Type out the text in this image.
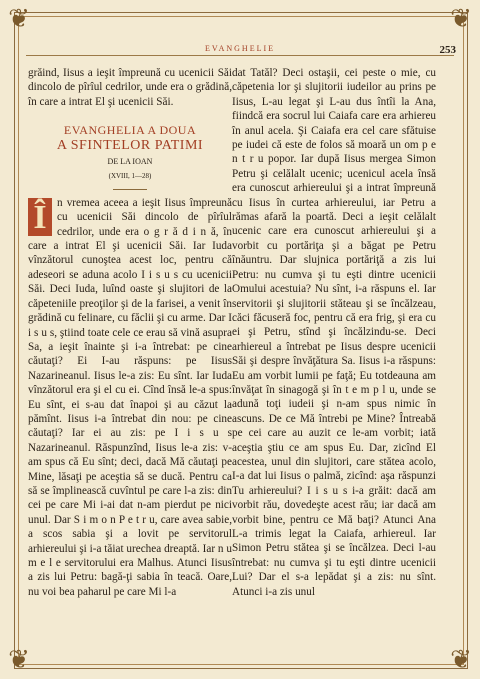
❦	❦
❦	❦
EVANGHELIE	253

grăind, Iisus a ieşit împreună cu ucenicii Săi dincolo de pîrîul cedrilor, unde era o grădină, în care a intrat El şi ucenicii Săi.

EVANGHELIA A DOUA
A SFINTELOR PATIMI
DE LA IOAN
(XVIII, 1—28)

Î n vremea aceea a ieşit Iisus împreună cu ucenicii Săi dincolo de pîrîul cedrilor, unde era o g r ă d i n ă, în care a intrat El şi ucenicii Săi. Iar Iuda vînzătorul cunoştea acest loc, pentru că adeseori se aduna acolo I i s u s cu ucenicii Săi. Deci Iuda, luînd oaste şi slujitori de la căpeteniile preoţilor şi de la farisei, a venit în grădină cu felinare, cu făclii şi cu arme. Dar I i s u s, ştiind toate cele ce erau să vină asupra Sa, a ieşit înainte şi i-a întrebat: pe cine căutaţi? Ei I-au răspuns: pe Iisus Nazarineanul. Iisus le-a zis: Eu sînt. Iar Iuda vînzătorul era şi el cu ei. Cînd însă le-a spus: Eu sînt, ei s-au dat înapoi şi au căzut la pămînt. Iisus i-a întrebat din nou: pe cine căutaţi? Iar ei au zis: pe I i s u s Nazarineanul. Răspunzînd, Iisus le-a zis: v-am spus că Eu sînt; deci, dacă Mă căutaţi pe Mine, lăsaţi pe aceştia să se ducă. Pentru ca să se împlinească cuvîntul pe care l-a zis: din cei pe care Mi i-ai dat n-am pierdut pe nici unul. Dar S i m o n P e t r u, care avea sabie, a scos sabia şi a lovit pe servitorul arhiereului şi i-a tăiat urechea dreaptă. Iar n u m e l e servitorului era Malhus. Atunci Iisus a zis lui Petru: bagă-ţi sabia în teacă. Oare, nu voi bea paharul pe care Mi l-a

dat Tatăl? Deci ostaşii, cei peste o mie, cu căpetenia lor şi slujitorii iudeilor au prins pe Iisus, L-au legat şi L-au dus întîi la Ana, fiindcă era socrul lui Caiafa care era arhiereu în anul acela. Şi Caiafa era cel care sfătuise pe iudei că este de folos să moară un om p e n t r u popor. Iar după Iisus mergea Simon Petru şi celălalt ucenic; ucenicul acela însă era cunoscut arhiereului şi a intrat împreună cu Iisus în curtea arhiereului, iar Petru a rămas afară la poartă. Deci a ieşit celălalt ucenic care era cunoscut arhiereului şi a vorbit cu portăriţa şi a băgat pe Petru înăuntru. Dar slujnica portăriţă a zis lui Petru: nu cumva şi tu eşti dintre ucenicii Omului acestuia? Nu sînt, i-a răspuns el. Iar servitorii şi slujitorii stăteau şi se încălzeau, căci făcuseră foc, pentru că era frig, şi era cu ei şi Petru, stînd şi încălzindu-se. Deci arhiereul a întrebat pe Iisus despre ucenicii Săi şi despre învăţătura Sa. Iisus i-a răspuns: Eu am vorbit lumii pe faţă; Eu totdeauna am învăţat în sinagogă şi în t e m p l u, unde se adună toţi iudeii şi n-am spus nimic în ascuns. De ce Mă întrebi pe Mine? Întreabă pe cei care au auzit ce le-am vorbit; iată aceştia ştiu ce am spus Eu. Dar, zicînd El acestea, unul din slujitori, care stătea acolo, I-a dat lui Iisus o palmă, zicînd: aşa răspunzi Tu arhiereului? I i s u s i-a grăit: dacă am vorbit rău, dovedeşte acest rău; iar dacă am vorbit bine, pentru ce Mă baţi? Atunci Ana L-a trimis legat la Caiafa, arhiereul. Iar Simon Petru stătea şi se încălzea. Deci l-au întrebat: nu cumva şi tu eşti dintre ucenicii Lui? Dar el s-a lepădat şi a zis: nu sînt. Atunci i-a zis unul
